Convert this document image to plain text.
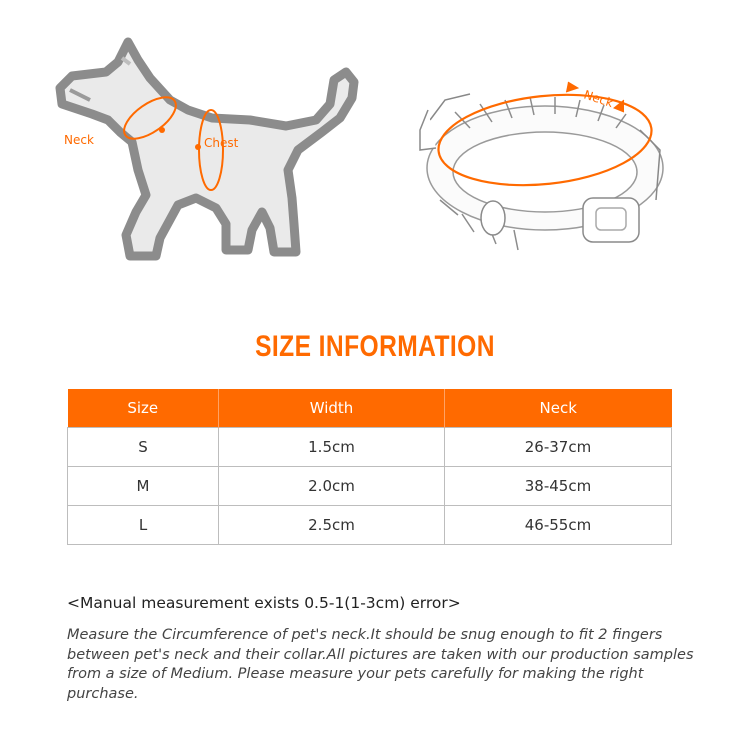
Neck	Chest
Neck
SIZE INFORMATION
Size	Width	Neck
S	1.5cm	26-37cm
M	2.0cm	38-45cm
L	2.5cm	46-55cm
<Manual measurement exists 0.5-1(1-3cm) error>
Measure the Circumference of pet's neck.It should be snug enough to fit 2 fingers between pet's neck and their collar.All pictures are taken with our production samples from a size of Medium. Please measure your pets carefully for making the right purchase.
